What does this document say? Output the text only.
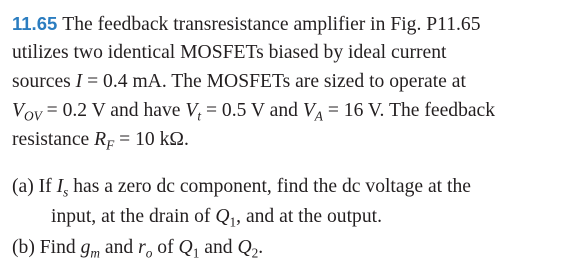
11.65 The feedback transresistance amplifier in Fig. P11.65
utilizes two identical MOSFETs biased by ideal current
sources I = 0.4 mA. The MOSFETs are sized to operate at
$V_{OV} = 0.2$ V and have $V_t = 0.5$ V and $V_A = 16$ V. The feedback
resistance $R_F = 10$ kΩ.
(a) If $I_s$ has a zero dc component, find the dc voltage at the
input, at the drain of $Q_1$, and at the output.
(b) Find $g_m$ and $r_o$ of $Q_1$ and $Q_2$.
